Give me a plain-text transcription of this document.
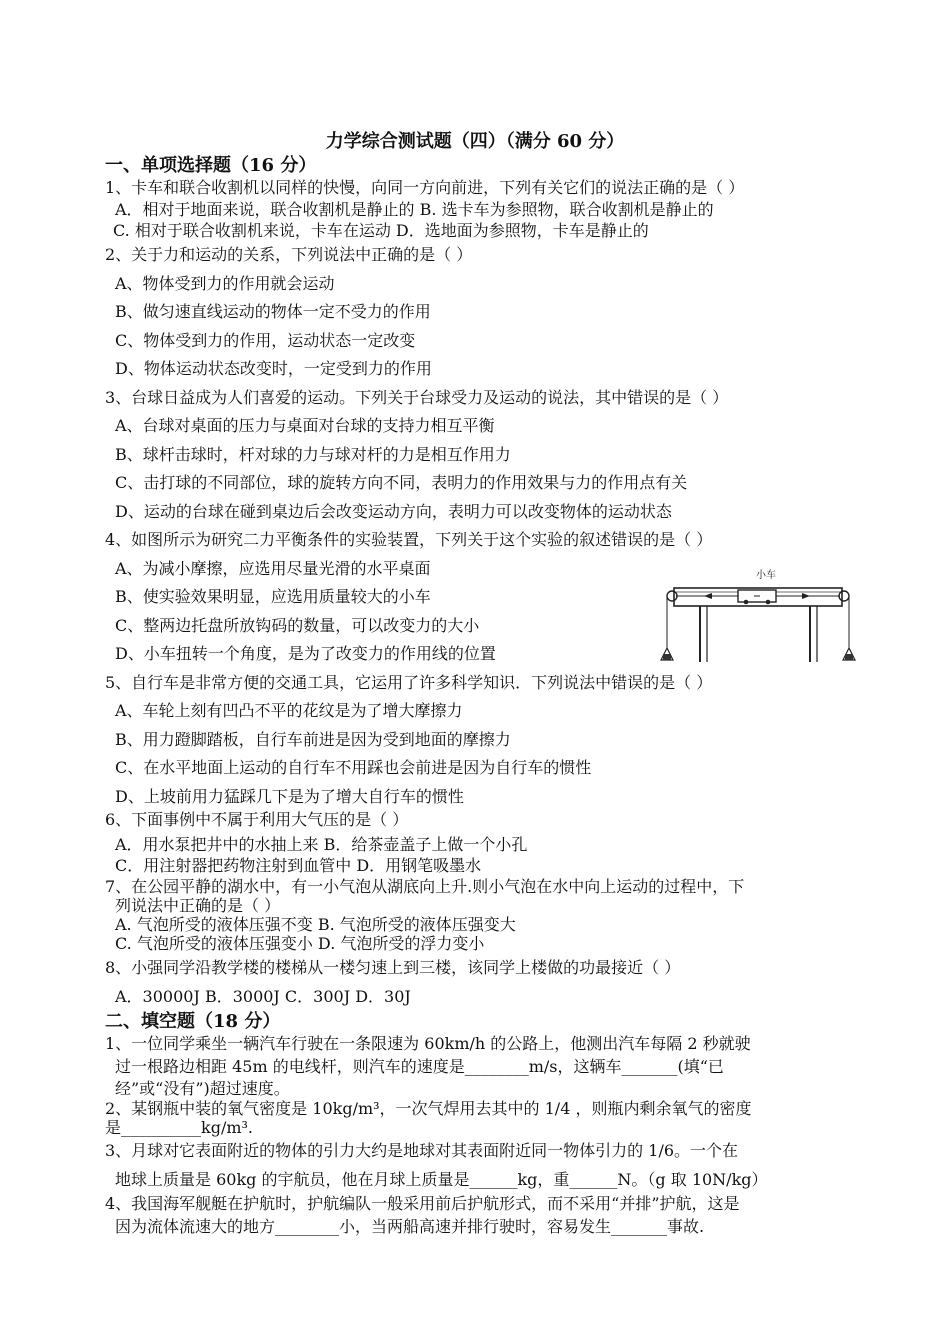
力学综合测试题（四）（满分 60 分）
一、单项选择题（16 分）
1、卡车和联合收割机以同样的快慢，向同一方向前进，下列有关它们的说法正确的是（ ）
A．相对于地面来说，联合收割机是静止的 B. 选卡车为参照物，联合收割机是静止的
C. 相对于联合收割机来说，卡车在运动 D．选地面为参照物，卡车是静止的
2、关于力和运动的关系，下列说法中正确的是（ ）
A、物体受到力的作用就会运动
B、做匀速直线运动的物体一定不受力的作用
C、物体受到力的作用，运动状态一定改变
D、物体运动状态改变时，一定受到力的作用
3、台球日益成为人们喜爱的运动。下列关于台球受力及运动的说法，其中错误的是（ ）
A、台球对桌面的压力与桌面对台球的支持力相互平衡
B、球杆击球时，杆对球的力与球对杆的力是相互作用力
C、击打球的不同部位，球的旋转方向不同，表明力的作用效果与力的作用点有关
D、运动的台球在碰到桌边后会改变运动方向，表明力可以改变物体的运动状态
4、如图所示为研究二力平衡条件的实验装置，下列关于这个实验的叙述错误的是（ ）
A、为减小摩擦，应选用尽量光滑的水平桌面
B、使实验效果明显，应选用质量较大的小车
C、整两边托盘所放钩码的数量，可以改变力的大小
D、小车扭转一个角度，是为了改变力的作用线的位置
小车
5、自行车是非常方便的交通工具，它运用了许多科学知识．下列说法中错误的是（ ）
A、车轮上刻有凹凸不平的花纹是为了增大摩擦力
B、用力蹬脚踏板，自行车前进是因为受到地面的摩擦力
C、在水平地面上运动的自行车不用踩也会前进是因为自行车的惯性
D、上坡前用力猛踩几下是为了增大自行车的惯性
6、下面事例中不属于利用大气压的是（ ）
A．用水泵把井中的水抽上来 B．给茶壶盖子上做一个小孔
C．用注射器把药物注射到血管中 D．用钢笔吸墨水
7、在公园平静的湖水中，有一小气泡从湖底向上升.则小气泡在水中向上运动的过程中，下
列说法中正确的是（ ）
A. 气泡所受的液体压强不变 B. 气泡所受的液体压强变大
C. 气泡所受的液体压强变小 D. 气泡所受的浮力变小
8、小强同学沿教学楼的楼梯从一楼匀速上到三楼，该同学上楼做的功最接近（ ）
A．30000J B．3000J C．300J D．30J
二、填空题（18 分）
1、一位同学乘坐一辆汽车行驶在一条限速为 60km/h 的公路上，他测出汽车每隔 2 秒就驶
过一根路边相距 45m 的电线杆，则汽车的速度是________m/s，这辆车_______(填“已
经”或“没有”)超过速度。
2、某钢瓶中装的氧气密度是 10kg/m³，一次气焊用去其中的 1/4 ，则瓶内剩余氧气的密度
是__________kg/m³.
3、月球对它表面附近的物体的引力大约是地球对其表面附近同一物体引力的 1/6。一个在
地球上质量是 60kg 的宇航员，他在月球上质量是______kg，重______N。（g 取 10N/kg）
4、我国海军舰艇在护航时，护航编队一般采用前后护航形式，而不采用“并排”护航，这是
因为流体流速大的地方________小，当两船高速并排行驶时，容易发生_______事故.
